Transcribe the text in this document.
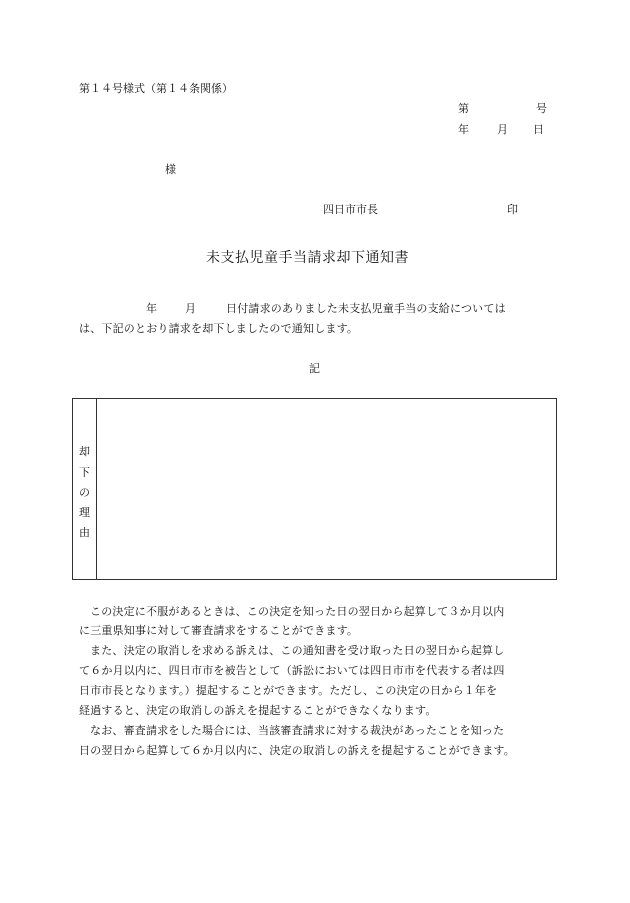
第１４号様式（第１４条関係）
第	号
年	月 日
様
四日市市長	印
未支払児童手当請求却下通知書
年	月	日付請求のありました未支払児童手当の支給については
は、下記のとおり請求を却下しましたので通知します。
記
却
下
の
理
由
この決定に不服があるときは、この決定を知った日の翌日から起算して３か月以内
に三重県知事に対して審査請求をすることができます。
また、決定の取消しを求める訴えは、この通知書を受け取った日の翌日から起算し
て６か月以内に、四日市市を被告として（訴訟においては四日市市を代表する者は四
日市市長となります。）提起することができます。ただし、この決定の日から１年を
経過すると、決定の取消しの訴えを提起することができなくなります。
なお、審査請求をした場合には、当該審査請求に対する裁決があったことを知った
日の翌日から起算して６か月以内に、決定の取消しの訴えを提起することができます。
